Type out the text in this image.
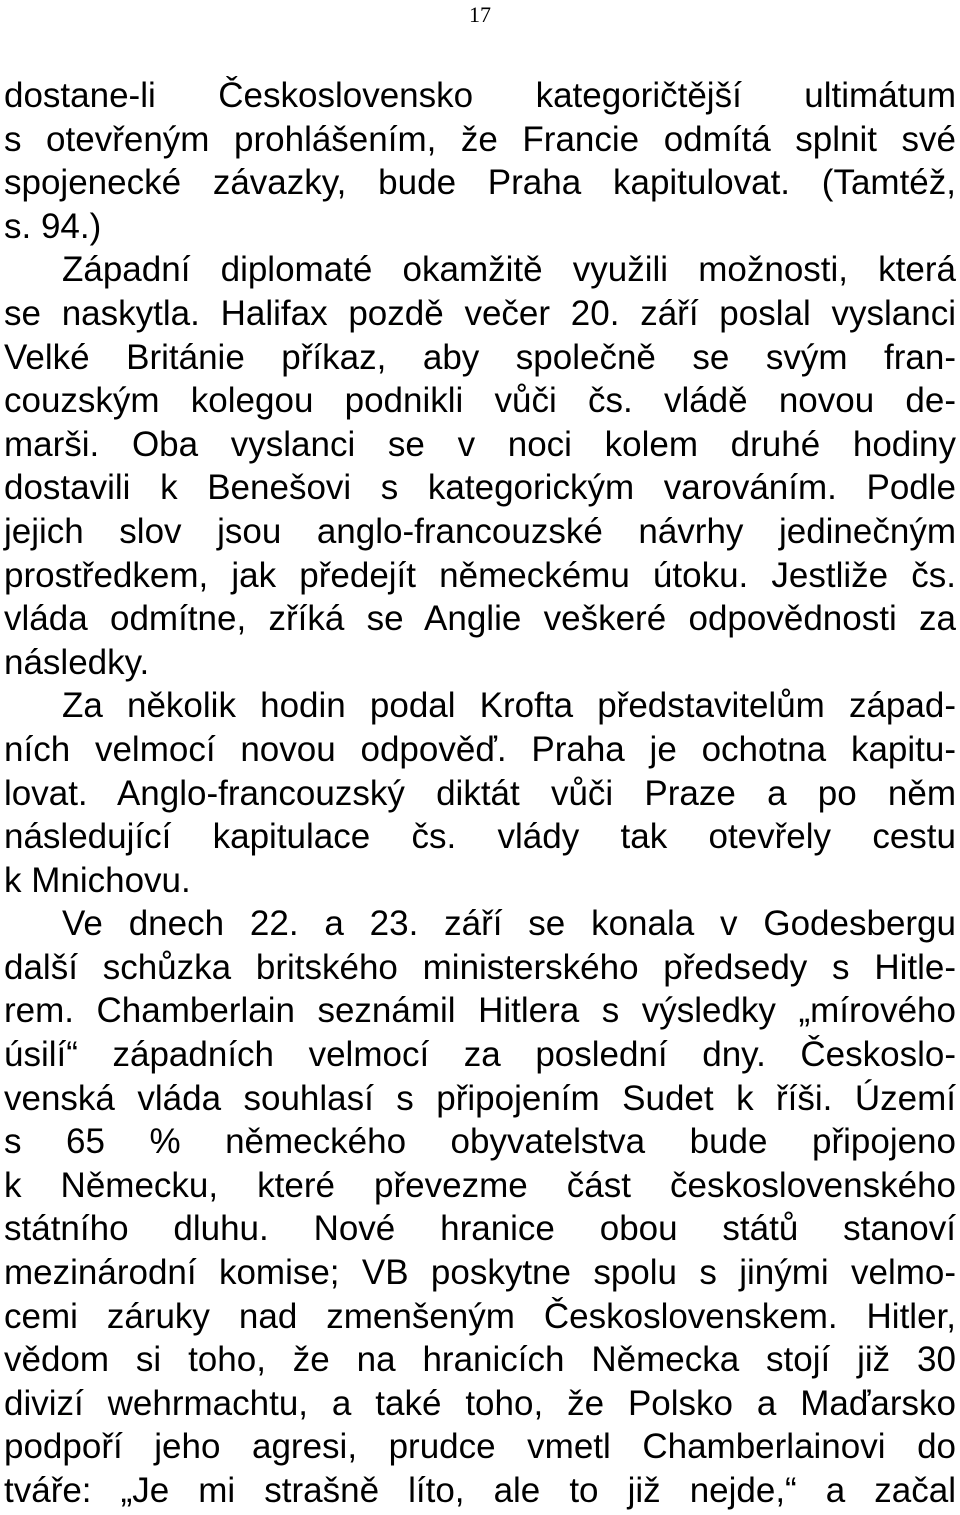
17
dostane-li Československo kategoričtější ultimátum
s otevřeným prohlášením, že Francie odmítá splnit své
spojenecké závazky, bude Praha kapitulovat. (Tamtéž,
s. 94.)
Západní diplomaté okamžitě využili možnosti, která
se naskytla. Halifax pozdě večer 20. září poslal vyslanci
Velké Británie příkaz, aby společně se svým fran-
couzským kolegou podnikli vůči čs. vládě novou de-
marši. Oba vyslanci se v noci kolem druhé hodiny
dostavili k Benešovi s kategorickým varováním. Podle
jejich slov jsou anglo-francouzské návrhy jedinečným
prostředkem, jak předejít německému útoku. Jestliže čs.
vláda odmítne, zříká se Anglie veškeré odpovědnosti za
následky.
Za několik hodin podal Krofta představitelům západ-
ních velmocí novou odpověď. Praha je ochotna kapitu-
lovat. Anglo-francouzský diktát vůči Praze a po něm
následující kapitulace čs. vlády tak otevřely cestu
k Mnichovu.
Ve dnech 22. a 23. září se konala v Godesbergu
další schůzka britského ministerského předsedy s Hitle-
rem. Chamberlain seznámil Hitlera s výsledky „mírového
úsilí“ západních velmocí za poslední dny. Českoslo-
venská vláda souhlasí s připojením Sudet k říši. Území
s 65 % německého obyvatelstva bude připojeno
k Německu, které převezme část československého
státního dluhu. Nové hranice obou států stanoví
mezinárodní komise; VB poskytne spolu s jinými velmo-
cemi záruky nad zmenšeným Československem. Hitler,
vědom si toho, že na hranicích Německa stojí již 30
divizí wehrmachtu, a také toho, že Polsko a Maďarsko
podpoří jeho agresi, prudce vmetl Chamberlainovi do
tváře: „Je mi strašně líto, ale to již nejde,“ a začal
